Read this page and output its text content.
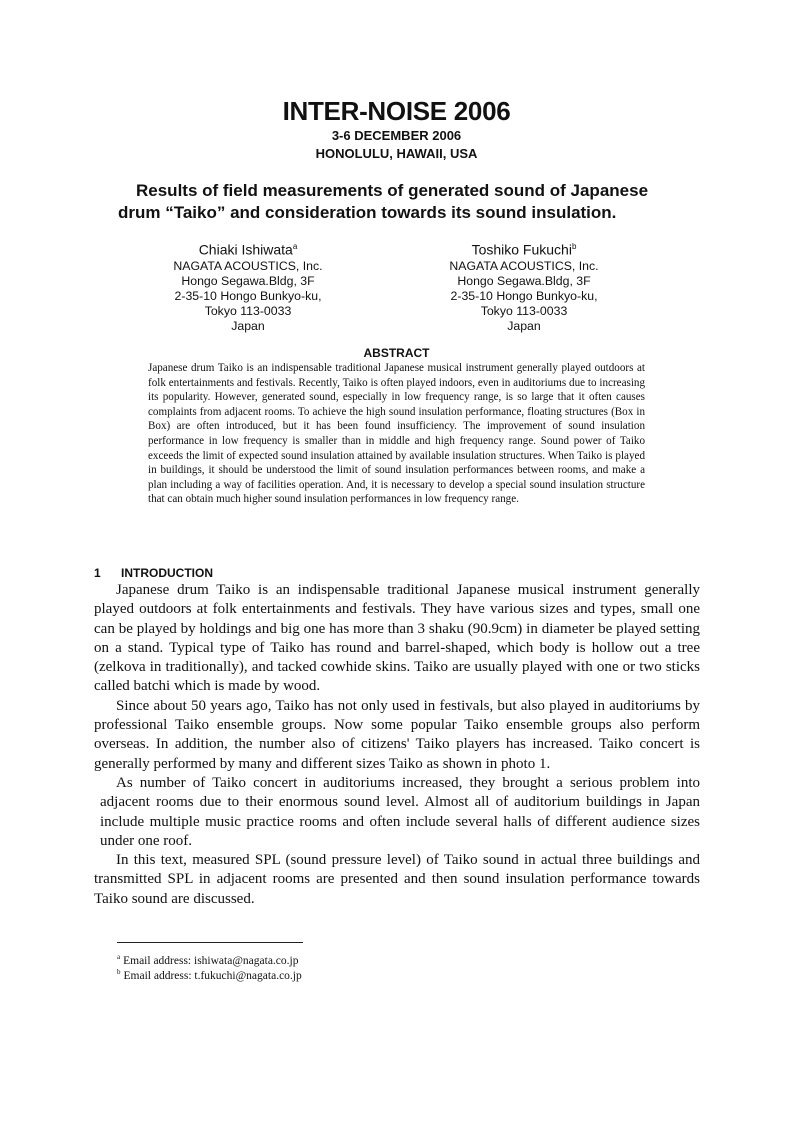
INTER-NOISE 2006
3-6 DECEMBER 2006
HONOLULU, HAWAII, USA
Results of field measurements of generated sound of Japanese
drum “Taiko” and consideration towards its sound insulation.
Chiaki Ishiwata$^a$
NAGATA ACOUSTICS, Inc.
Hongo Segawa.Bldg, 3F
2-35-10 Hongo Bunkyo-ku,
Tokyo 113-0033
Japan
Toshiko Fukuchi$^b$
NAGATA ACOUSTICS, Inc.
Hongo Segawa.Bldg, 3F
2-35-10 Hongo Bunkyo-ku,
Tokyo 113-0033
Japan
ABSTRACT
Japanese drum Taiko is an indispensable traditional Japanese musical instrument generally played outdoors at folk entertainments and festivals. Recently, Taiko is often played indoors, even in auditoriums due to increasing its popularity. However, generated sound, especially in low frequency range, is so large that it often causes complaints from adjacent rooms. To achieve the high sound insulation performance, floating structures (Box in Box) are often introduced, but it has been found insufficiency. The improvement of sound insulation performance in low frequency is smaller than in middle and high frequency range. Sound power of Taiko exceeds the limit of expected sound insulation attained by available insulation structures. When Taiko is played in buildings, it should be understood the limit of sound insulation performances between rooms, and make a plan including a way of facilities operation. And, it is necessary to develop a special sound insulation structure that can obtain much higher sound insulation performances in low frequency range.
1 INTRODUCTION

Japanese drum Taiko is an indispensable traditional Japanese musical instrument generally played outdoors at folk entertainments and festivals. They have various sizes and types, small one can be played by holdings and big one has more than 3 shaku (90.9cm) in diameter be played setting on a stand. Typical type of Taiko has round and barrel-shaped, which body is hollow out a tree (zelkova in traditionally), and tacked cowhide skins. Taiko are usually played with one or two sticks called batchi which is made by wood.

Since about 50 years ago, Taiko has not only used in festivals, but also played in auditoriums by professional Taiko ensemble groups. Now some popular Taiko ensemble groups also perform overseas. In addition, the number also of citizens' Taiko players has increased. Taiko concert is generally performed by many and different sizes Taiko as shown in photo 1.

As number of Taiko concert in auditoriums increased, they brought a serious problem into adjacent rooms due to their enormous sound level. Almost all of auditorium buildings in Japan include multiple music practice rooms and often include several halls of different audience sizes under one roof.

In this text, measured SPL (sound pressure level) of Taiko sound in actual three buildings and transmitted SPL in adjacent rooms are presented and then sound insulation performance towards Taiko sound are discussed.

$^a$ Email address: ishiwata@nagata.co.jp
$^b$ Email address: t.fukuchi@nagata.co.jp
